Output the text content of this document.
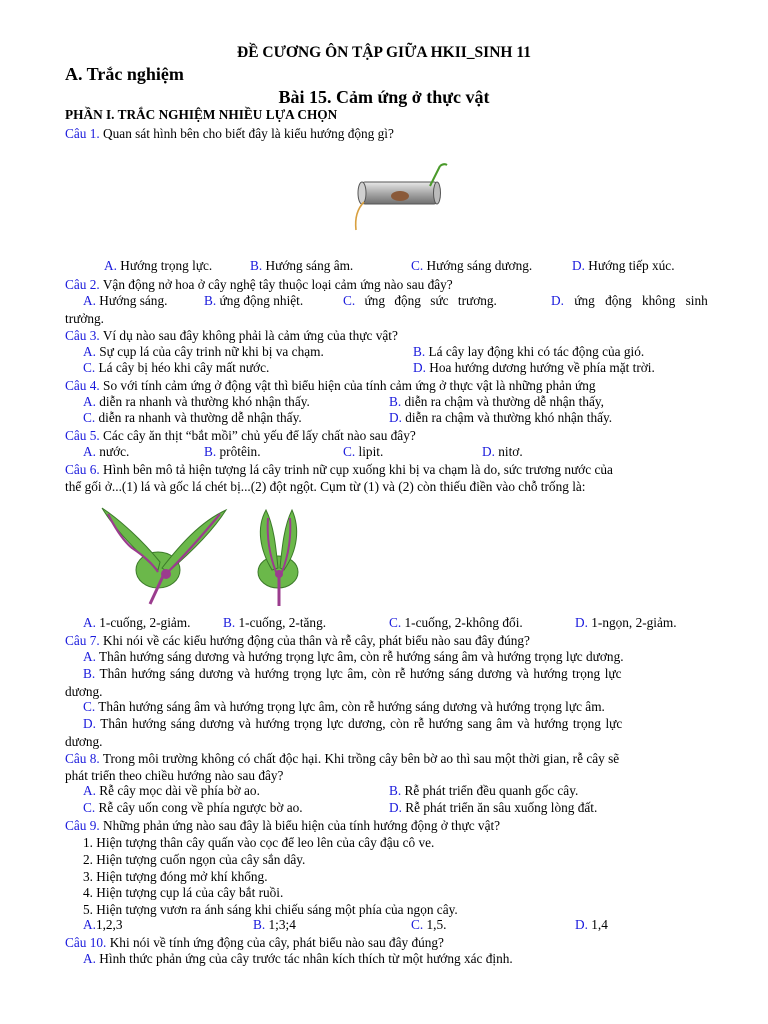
ĐỀ CƯƠNG ÔN TẬP GIỮA HKII_SINH 11
A. Trắc nghiệm
Bài 15. Cảm ứng ở thực vật
PHẦN I. TRẮC NGHIỆM NHIỀU LỰA CHỌN
Câu 1. Quan sát hình bên cho biết đây là kiểu hướng động gì?
A. Hướng trọng lực.	B. Hướng sáng âm.	C. Hướng sáng dương.	D. Hướng tiếp xúc.
Câu 2. Vận động nở hoa ở cây nghệ tây thuộc loại cảm ứng nào sau đây?
A. Hướng sáng.	B. ứng động nhiệt.	C. ứng động sức trương.	D. ứng động không sinh
trưởng.
Câu 3. Ví dụ nào sau đây không phải là cảm ứng của thực vật?
A. Sự cụp lá của cây trinh nữ khi bị va chạm.	B. Lá cây lay động khi có tác động của gió.
C. Lá cây bị héo khi cây mất nước.	D. Hoa hướng dương hướng về phía mặt trời.
Câu 4. So với tính cảm ứng ở động vật thì biểu hiện của tính cảm ứng ở thực vật là những phản ứng
A. diễn ra nhanh và thường khó nhận thấy.	B. diễn ra chậm và thường dễ nhận thấy,
C. diễn ra nhanh và thường dễ nhận thấy.	D. diễn ra chậm và thường khó nhận thấy.
Câu 5. Các cây ăn thịt “bắt mồi” chủ yếu để lấy chất nào sau đây?
A. nước.	B. prôtêin.	C. lipit.	D. nitơ.
Câu 6. Hình bên mô tả hiện tượng lá cây trinh nữ cụp xuống khi bị va chạm là do, sức trương nước của
thể gối ở...(1) lá và gốc lá chét bị...(2) đột ngột. Cụm từ (1) và (2) còn thiếu điền vào chỗ trống là:
A. 1-cuống, 2-giảm. B. 1-cuống, 2-tăng.	C. 1-cuống, 2-không đổi.	D. 1-ngọn, 2-giảm.
Câu 7. Khi nói về các kiểu hướng động của thân và rễ cây, phát biểu nào sau đây đúng?
A. Thân hướng sáng dương và hướng trọng lực âm, còn rễ hướng sáng âm và hướng trọng lực dương.
B. Thân hướng sáng dương và hướng trọng lực âm, còn rễ hướng sáng dương và hướng trọng lực
dương.
C. Thân hướng sáng âm và hướng trọng lực âm, còn rễ hướng sáng dương và hướng trọng lực âm.
D. Thân hướng sáng dương và hướng trọng lực dương, còn rễ hướng sang âm và hướng trọng lực
dương.
Câu 8. Trong môi trường không có chất độc hại. Khi trồng cây bên bờ ao thì sau một thời gian, rễ cây sẽ
phát triển theo chiều hướng nào sau đây?
A. Rễ cây mọc dài về phía bờ ao.	B. Rễ phát triển đều quanh gốc cây.
C. Rễ cây uốn cong về phía ngược bờ ao.	D. Rễ phát triển ăn sâu xuống lòng đất.
Câu 9. Những phản ứng nào sau đây là biểu hiện của tính hướng động ở thực vật?
1. Hiện tượng thân cây quấn vào cọc để leo lên của cây đậu cô ve.
2. Hiện tượng cuốn ngọn của cây sắn dây.
3. Hiện tượng đóng mở khí khổng.
4. Hiện tượng cụp lá của cây bắt ruồi.
5. Hiện tượng vươn ra ánh sáng khi chiếu sáng một phía của ngọn cây.
A.1,2,3	B. 1;3;4	C. 1,5.	D. 1,4
Câu 10. Khi nói về tính ứng động của cây, phát biểu nào sau đây đúng?
A. Hình thức phản ứng của cây trước tác nhân kích thích từ một hướng xác định.
